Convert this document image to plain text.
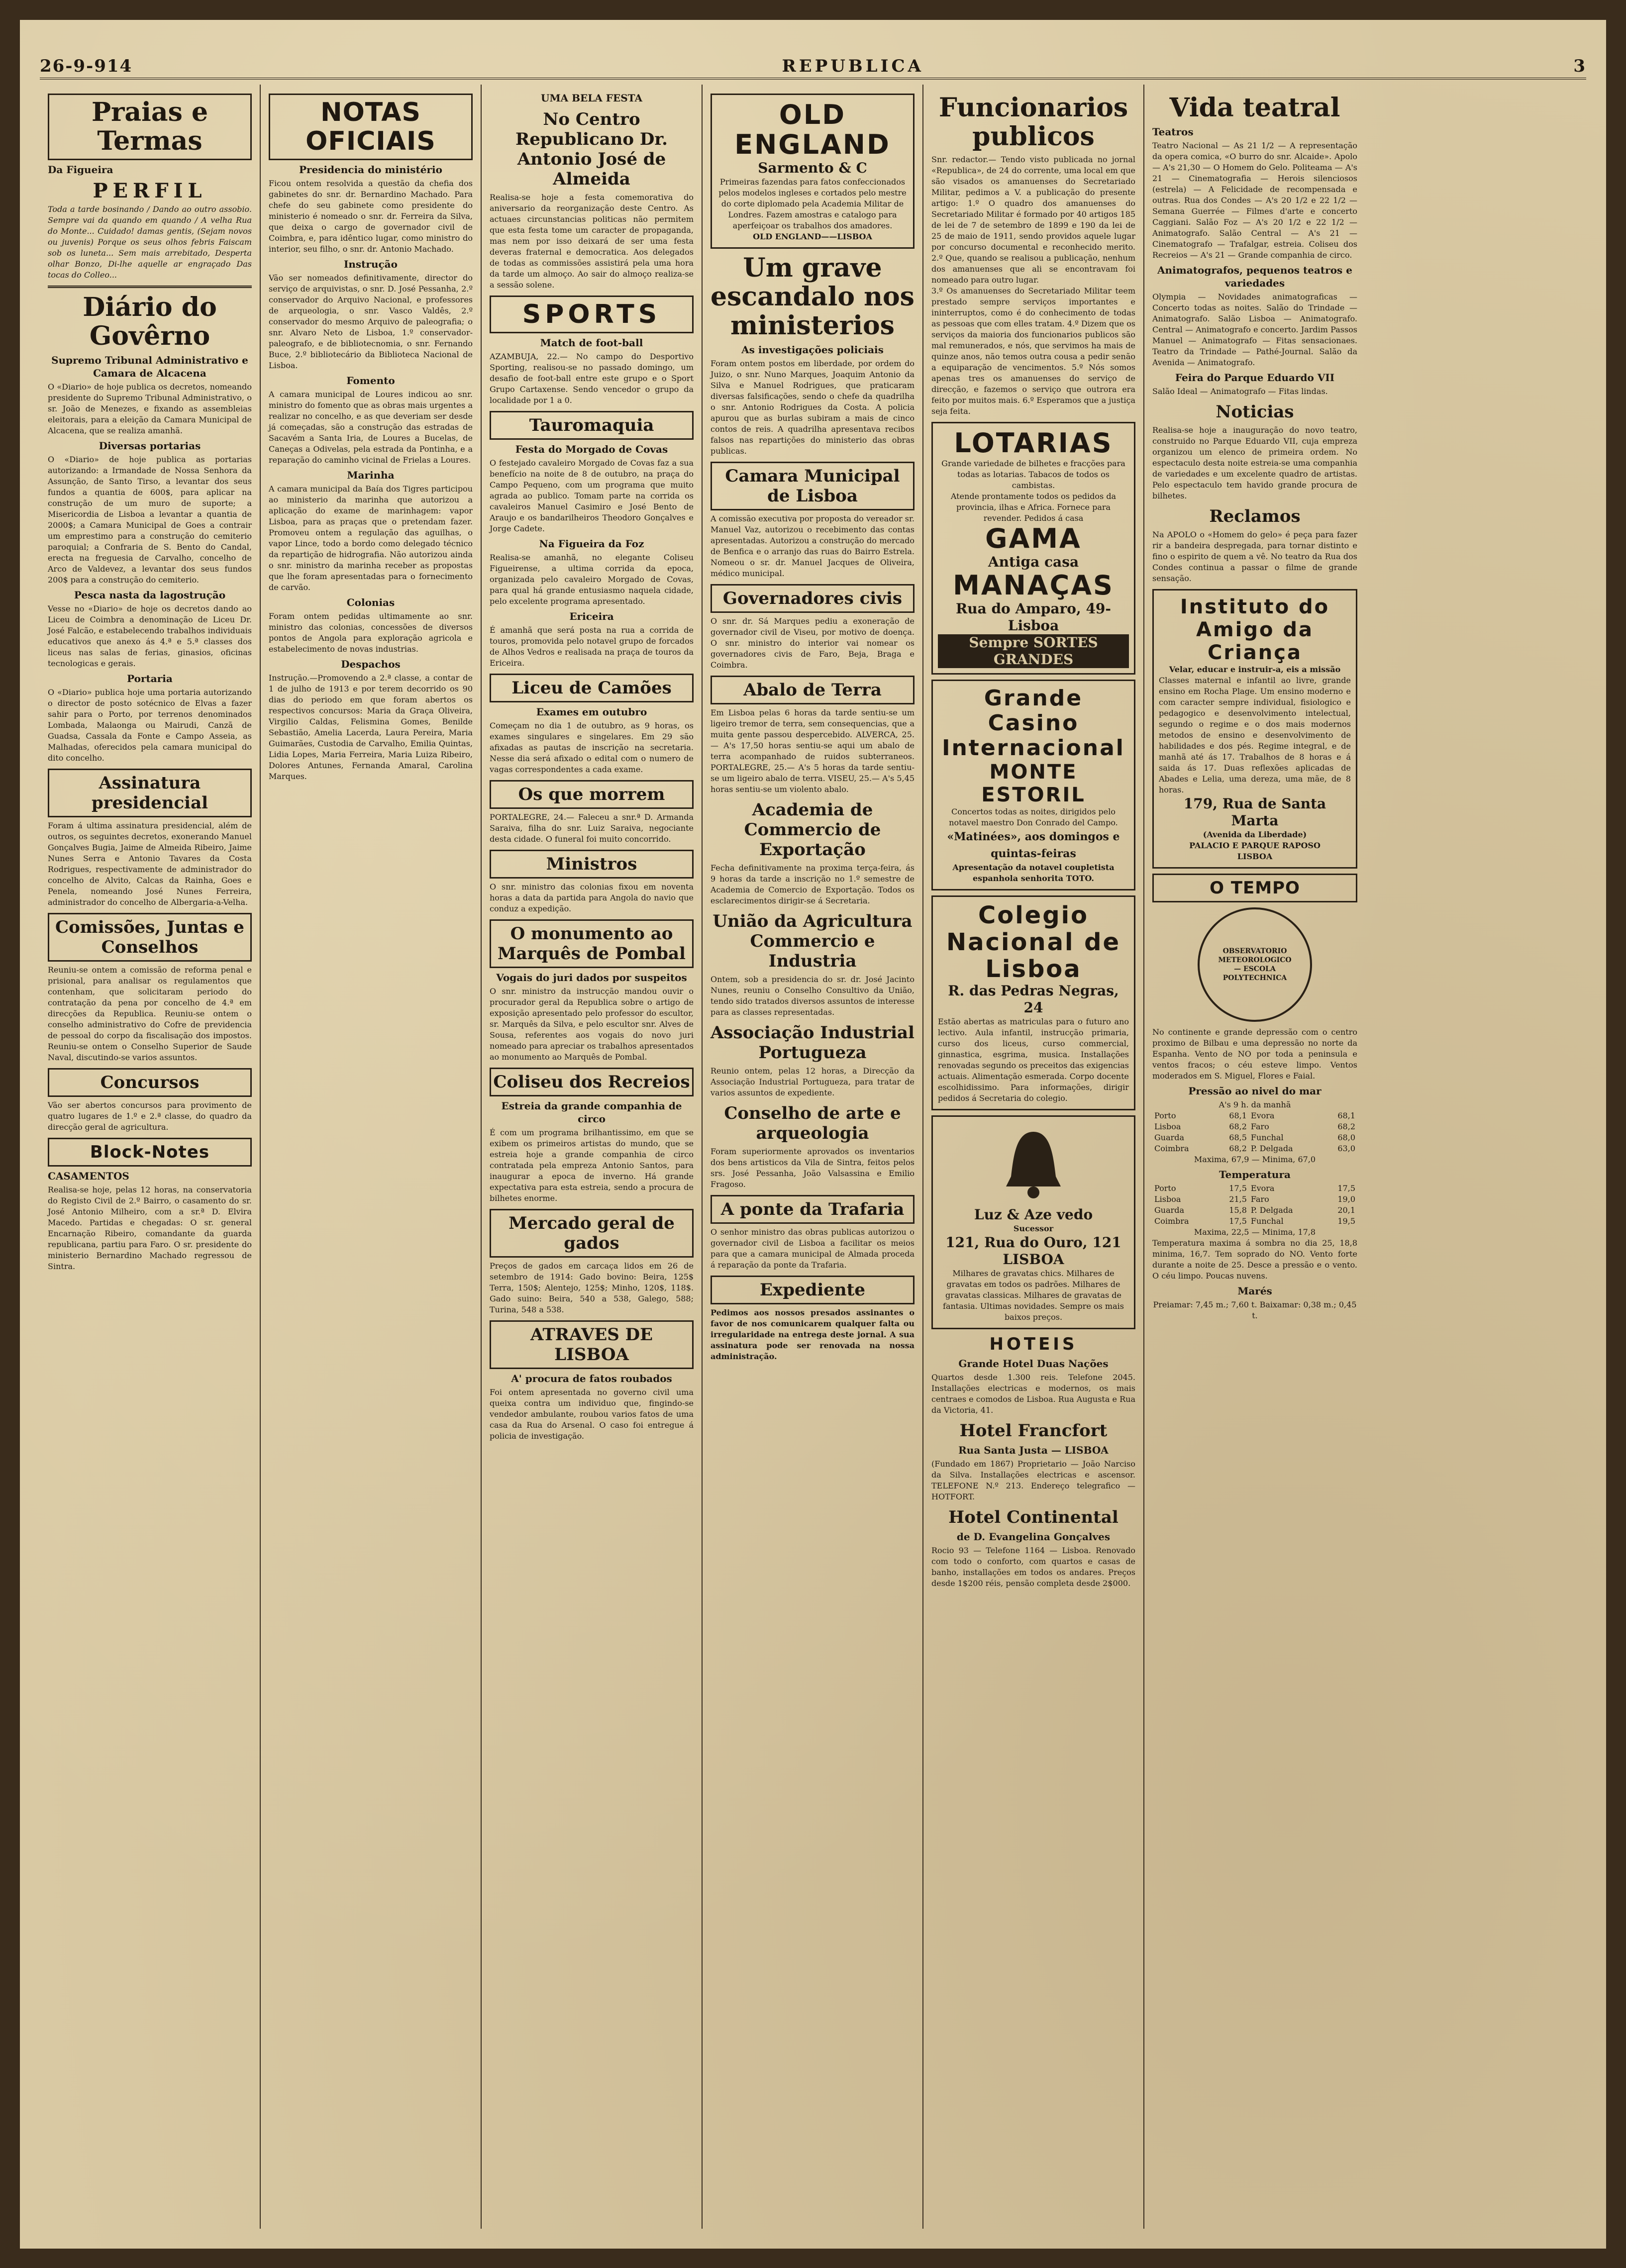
26-9-914	REPUBLICA	3
Praias e Termas
Da Figueira
PERFIL
Toda a tarde bosinando / Dando ao outro assobio. Sempre vai da quando em quando / A velha Rua do Monte... Cuidado! damas gentis, (Sejam novos ou juvenis) Porque os seus olhos febris Faiscam sob os luneta... Sem mais arrebitado, Desperta olhar Bonzo, Di-lhe aquelle ar engraçado Das tocas do Colleo...
Diário do Govêrno
Supremo Tribunal Administrativo e Camara de Alcacena
O «Diario» de hoje publica os decretos, nomeando presidente do Supremo Tribunal Administrativo, o sr. João de Menezes, e fixando as assembleias eleitorais, para a eleição da Camara Municipal de Alcacena, que se realiza amanhã.
Diversas portarias
O «Diario» de hoje publica as portarias autorizando: a Irmandade de Nossa Senhora da Assunção, de Santo Tirso, a levantar dos seus fundos a quantia de 600$, para aplicar na construção de um muro de suporte; a Misericordia de Lisboa a levantar a quantia de 2000$; a Camara Municipal de Goes a contrair um emprestimo para a construção do cemiterio paroquial; a Confraria de S. Bento do Candal, erecta na freguesia de Carvalho, concelho de Arco de Valdevez, a levantar dos seus fundos 200$ para a construção do cemiterio.
Pesca nasta da lagostrução
Vesse no «Diario» de hoje os decretos dando ao Liceu de Coimbra a denominação de Liceu Dr. José Falcão, e estabelecendo trabalhos individuais educativos que anexo ás 4.ª e 5.ª classes dos liceus nas salas de ferias, ginasios, oficinas tecnologicas e gerais.
Portaria
O «Diario» publica hoje uma portaria autorizando o director de posto sotécnico de Elvas a fazer sahir para o Porto, por terrenos denominados Lombada, Malaonga ou Mairudi, Canzã de Guadsa, Cassala da Fonte e Campo Asseia, as Malhadas, oferecidos pela camara municipal do dito concelho.
Assinatura presidencial
Foram á ultima assinatura presidencial, além de outros, os seguintes decretos, exonerando Manuel Gonçalves Bugia, Jaime de Almeida Ribeiro, Jaime Nunes Serra e Antonio Tavares da Costa Rodrigues, respectivamente de administrador do concelho de Alvito, Calcas da Rainha, Goes e Penela, nomeando José Nunes Ferreira, administrador do concelho de Albergaria-a-Velha.
Comissões, Juntas e Conselhos
Reuniu-se ontem a comissão de reforma penal e prisional, para analisar os regulamentos que contenham, que solicitaram periodo do contratação da pena por concelho de 4.ª em direcções da Republica. Reuniu-se ontem o conselho administrativo do Cofre de previdencia de pessoal do corpo da fiscalisação dos impostos. Reuniu-se ontem o Conselho Superior de Saude Naval, discutindo-se varios assuntos.
Concursos
Vão ser abertos concursos para provimento de quatro lugares de 1.º e 2.ª classe, do quadro da direcção geral de agricultura.
Block-Notes
CASAMENTOS
Realisa-se hoje, pelas 12 horas, na conservatoria do Registo Civil de 2.º Bairro, o casamento do sr. José Antonio Milheiro, com a sr.ª D. Elvira Macedo. Partidas e chegadas: O sr. general Encarnação Ribeiro, comandante da guarda republicana, partiu para Faro. O sr. presidente do ministerio Bernardino Machado regressou de Sintra.
NOTAS OFICIAIS
Presidencia do ministério
Ficou ontem resolvida a questão da chefia dos gabinetes do snr. dr. Bernardino Machado. Para chefe do seu gabinete como presidente do ministerio é nomeado o snr. dr. Ferreira da Silva, que deixa o cargo de governador civil de Coimbra, e, para idêntico lugar, como ministro do interior, seu filho, o snr. dr. Antonio Machado.
Instrução
Vão ser nomeados definitivamente, director do serviço de arquivistas, o snr. D. José Pessanha, 2.º conservador do Arquivo Nacional, e professores de arqueologia, o snr. Vasco Valdês, 2.º conservador do mesmo Arquivo de paleografia; o snr. Alvaro Neto de Lisboa, 1.º conservador-paleografo, e de bibliotecnomia, o snr. Fernando Buce, 2.º bibliotecário da Biblioteca Nacional de Lisboa.
Fomento
A camara municipal de Loures indicou ao snr. ministro do fomento que as obras mais urgentes a realizar no concelho, e as que deveriam ser desde já começadas, são a construção das estradas de Sacavém a Santa Iria, de Loures a Bucelas, de Caneças a Odivelas, pela estrada da Pontinha, e a reparação do caminho vicinal de Frielas a Loures.
Marinha
A camara municipal da Baía dos Tigres participou ao ministerio da marinha que autorizou a aplicação do exame de marinhagem: vapor Lisboa, para as praças que o pretendam fazer. Promoveu ontem a regulação das aguilhas, o vapor Lince, todo a bordo como delegado técnico da repartição de hidrografia. Não autorizou ainda o snr. ministro da marinha receber as propostas que lhe foram apresentadas para o fornecimento de carvão.
Colonias
Foram ontem pedidas ultimamente ao snr. ministro das colonias, concessões de diversos pontos de Angola para exploração agricola e estabelecimento de novas industrias.
Despachos
Instrução.—Promovendo a 2.ª classe, a contar de 1 de julho de 1913 e por terem decorrido os 90 dias do periodo em que foram abertos os respectivos concursos: Maria da Graça Oliveira, Virgilio Caldas, Felismina Gomes, Benilde Sebastião, Amelia Lacerda, Laura Pereira, Maria Guimarães, Custodia de Carvalho, Emilia Quintas, Lidia Lopes, Maria Ferreira, Maria Luiza Ribeiro, Dolores Antunes, Fernanda Amaral, Carolina Marques.
UMA BELA FESTA
No Centro Republicano Dr. Antonio José de Almeida
Realisa-se hoje a festa comemorativa do aniversario da reorganização deste Centro. As actuaes circunstancias politicas não permitem que esta festa tome um caracter de propaganda, mas nem por isso deixará de ser uma festa deveras fraternal e democratica. Aos delegados de todas as commissões assistirá pela uma hora da tarde um almoço. Ao sair do almoço realiza-se a sessão solene.
SPORTS
Match de foot-ball
AZAMBUJA, 22.— No campo do Desportivo Sporting, realisou-se no passado domingo, um desafio de foot-ball entre este grupo e o Sport Grupo Cartaxense. Sendo vencedor o grupo da localidade por 1 a 0.
Tauromaquia
Festa do Morgado de Covas
O festejado cavaleiro Morgado de Covas faz a sua benefício na noite de 8 de outubro, na praça do Campo Pequeno, com um programa que muito agrada ao publico. Tomam parte na corrida os cavaleiros Manuel Casimiro e José Bento de Araujo e os bandarilheiros Theodoro Gonçalves e Jorge Cadete.
Na Figueira da Foz
Realisa-se amanhã, no elegante Coliseu Figueirense, a ultima corrida da epoca, organizada pelo cavaleiro Morgado de Covas, para qual há grande entusiasmo naquela cidade, pelo excelente programa apresentado.
Ericeira
É amanhã que será posta na rua a corrida de touros, promovida pelo notavel grupo de forcados de Alhos Vedros e realisada na praça de touros da Ericeira.
Liceu de Camões
Exames em outubro
Começam no dia 1 de outubro, as 9 horas, os exames singulares e singelares. Em 29 são afixadas as pautas de inscrição na secretaria. Nesse dia será afixado o edital com o numero de vagas correspondentes a cada exame.
Os que morrem
PORTALEGRE, 24.— Faleceu a snr.ª D. Armanda Saraiva, filha do snr. Luiz Saraiva, negociante desta cidade. O funeral foi muito concorrido.
Ministros
O snr. ministro das colonias fixou em noventa horas a data da partida para Angola do navio que conduz a expedição.
O monumento ao Marquês de Pombal
Vogais do juri dados por suspeitos
O snr. ministro da instrucção mandou ouvir o procurador geral da Republica sobre o artigo de exposição apresentado pelo professor do escultor, sr. Marquês da Silva, e pelo escultor snr. Alves de Sousa, referentes aos vogais do novo juri nomeado para apreciar os trabalhos apresentados ao monumento ao Marquês de Pombal.
Coliseu dos Recreios
Estreia da grande companhia de circo
É com um programa brilhantissimo, em que se exibem os primeiros artistas do mundo, que se estreia hoje a grande companhia de circo contratada pela empreza Antonio Santos, para inaugurar a epoca de inverno. Há grande expectativa para esta estreia, sendo a procura de bilhetes enorme.
Mercado geral de gados
Preços de gados em carcaça lidos em 26 de setembro de 1914: Gado bovino: Beira, 125$ Terra, 150$; Alentejo, 125$; Minho, 120$, 118$. Gado suino: Beira, 540 a 538, Galego, 588; Turina, 548 a 538.
ATRAVES DE LISBOA
A' procura de fatos roubados
Foi ontem apresentada no governo civil uma queixa contra um individuo que, fingindo-se vendedor ambulante, roubou varios fatos de uma casa da Rua do Arsenal. O caso foi entregue á policia de investigação.
OLD ENGLAND
Sarmento & C
Primeiras fazendas para fatos confeccionados pelos modelos ingleses e cortados pelo mestre do corte diplomado pela Academia Militar de Londres. Fazem amostras e catalogo para aperfeiçoar os trabalhos dos amadores.
OLD ENGLAND——LISBOA
Um grave escandalo nos ministerios
As investigações policiais
Foram ontem postos em liberdade, por ordem do Juizo, o snr. Nuno Marques, Joaquim Antonio da Silva e Manuel Rodrigues, que praticaram diversas falsificações, sendo o chefe da quadrilha o snr. Antonio Rodrigues da Costa. A policia apurou que as burlas subiram a mais de cinco contos de reis. A quadrilha apresentava recibos falsos nas repartições do ministerio das obras publicas.
Camara Municipal de Lisboa
A comissão executiva por proposta do vereador sr. Manuel Vaz, autorizou o recebimento das contas apresentadas. Autorizou a construção do mercado de Benfica e o arranjo das ruas do Bairro Estrela. Nomeou o sr. dr. Manuel Jacques de Oliveira, médico municipal.
Governadores civis
O snr. dr. Sá Marques pediu a exoneração de governador civil de Viseu, por motivo de doença. O snr. ministro do interior vai nomear os governadores civis de Faro, Beja, Braga e Coimbra.
Abalo de Terra
Em Lisboa pelas 6 horas da tarde sentiu-se um ligeiro tremor de terra, sem consequencias, que a muita gente passou despercebido. ALVERCA, 25.— A's 17,50 horas sentiu-se aqui um abalo de terra acompanhado de ruidos subterraneos. PORTALEGRE, 25.— A's 5 horas da tarde sentiu-se um ligeiro abalo de terra. VISEU, 25.— A's 5,45 horas sentiu-se um violento abalo.
Academia de Commercio de Exportação
Fecha definitivamente na proxima terça-feira, ás 9 horas da tarde a inscrição no 1.º semestre de Academia de Comercio de Exportação. Todos os esclarecimentos dirigir-se á Secretaria.
União da Agricultura Commercio e Industria
Ontem, sob a presidencia do sr. dr. José Jacinto Nunes, reuniu o Conselho Consultivo da União, tendo sido tratados diversos assuntos de interesse para as classes representadas.
Associação Industrial Portugueza
Reunio ontem, pelas 12 horas, a Direcção da Associação Industrial Portugueza, para tratar de varios assuntos de expediente.
Conselho de arte e arqueologia
Foram superiormente aprovados os inventarios dos bens artisticos da Vila de Sintra, feitos pelos srs. José Pessanha, João Valsassina e Emilio Fragoso.
A ponte da Trafaria
O senhor ministro das obras publicas autorizou o governador civil de Lisboa a facilitar os meios para que a camara municipal de Almada proceda á reparação da ponte da Trafaria.
Expediente
Pedimos aos nossos presados assinantes o favor de nos comunicarem qualquer falta ou irregularidade na entrega deste jornal. A sua assinatura pode ser renovada na nossa administração.
Funcionarios publicos
Snr. redactor.— Tendo visto publicada no jornal «Republica», de 24 do corrente, uma local em que são visados os amanuenses do Secretariado Militar, pedimos a V. a publicação do presente artigo: 1.º O quadro dos amanuenses do Secretariado Militar é formado por 40 artigos 185 de lei de 7 de setembro de 1899 e 190 da lei de 25 de maio de 1911, sendo providos aquele lugar por concurso documental e reconhecido merito. 2.º Que, quando se realisou a publicação, nenhum dos amanuenses que ali se encontravam foi nomeado para outro lugar.
3.º Os amanuenses do Secretariado Militar teem prestado sempre serviços importantes e ininterruptos, como é do conhecimento de todas as pessoas que com elles tratam. 4.º Dizem que os serviços da maioria dos funcionarios publicos são mal remunerados, e nós, que servimos ha mais de quinze anos, não temos outra cousa a pedir senão a equiparação de vencimentos. 5.º Nós somos apenas tres os amanuenses do serviço de direcção, e fazemos o serviço que outrora era feito por muitos mais. 6.º Esperamos que a justiça seja feita.
LOTARIAS
Grande variedade de bilhetes e fracções para todas as lotarias. Tabacos de todos os cambistas.
Atende prontamente todos os pedidos da provincia, ilhas e Africa. Fornece para revender. Pedidos á casa
GAMA
Antiga casa
MANAÇAS
Rua do Amparo, 49-Lisboa
Sempre SORTES GRANDES
Grande Casino Internacional
MONTE ESTORIL
Concertos todas as noites, dirigidos pelo notavel maestro Don Conrado del Campo.
«Matinées», aos domingos e quintas-feiras
Apresentação da notavel coupletista espanhola senhorita TOTO.
Colegio Nacional de Lisboa
R. das Pedras Negras, 24
Estão abertas as matriculas para o futuro ano lectivo. Aula infantil, instrucção primaria, curso dos liceus, curso commercial, ginnastica, esgrima, musica. Installações renovadas segundo os preceitos das exigencias actuais. Alimentação esmerada. Corpo docente escolhidissimo. Para informações, dirigir pedidos á Secretaria do colegio.
Luz & Aze vedo
Sucessor
121, Rua do Ouro, 121
LISBOA
Milhares de gravatas chics. Milhares de gravatas em todos os padrões. Milhares de gravatas classicas. Milhares de gravatas de fantasia. Ultimas novidades. Sempre os mais baixos preços.
HOTEIS
Grande Hotel Duas Nações
Quartos desde 1.300 reis. Telefone 2045. Installações electricas e modernos, os mais centraes e comodos de Lisboa. Rua Augusta e Rua da Victoria, 41.
Hotel Francfort
Rua Santa Justa — LISBOA
(Fundado em 1867) Proprietario — João Narciso da Silva. Installações electricas e ascensor. TELEFONE N.º 213. Endereço telegrafico — HOTFORT.
Hotel Continental
de D. Evangelina Gonçalves
Rocio 93 — Telefone 1164 — Lisboa. Renovado com todo o conforto, com quartos e casas de banho, installações em todos os andares. Preços desde 1$200 réis, pensão completa desde 2$000.
Vida teatral
Teatros
Teatro Nacional — As 21 1/2 — A representação da opera comica, «O burro do snr. Alcaide». Apolo — A's 21,30 — O Homem do Gelo. Politeama — A's 21 — Cinematografia — Herois silenciosos (estrela) — A Felicidade de recompensada e outras. Rua dos Condes — A's 20 1/2 e 22 1/2 — Semana Guerrée — Filmes d'arte e concerto Caggiani. Salão Foz — A's 20 1/2 e 22 1/2 — Animatografo. Salão Central — A's 21 — Cinematografo — Trafalgar, estreia. Coliseu dos Recreios — A's 21 — Grande companhia de circo.
Animatografos, pequenos teatros e variedades
Olympia — Novidades animatograficas — Concerto todas as noites. Salão do Trindade — Animatografo. Salão Lisboa — Animatografo. Central — Animatografo e concerto. Jardim Passos Manuel — Animatografo — Fitas sensacionaes. Teatro da Trindade — Pathé-Journal. Salão da Avenida — Animatografo.
Feira do Parque Eduardo VII
Salão Ideal — Animatografo — Fitas lindas.
Noticias
Realisa-se hoje a inauguração do novo teatro, construido no Parque Eduardo VII, cuja empreza organizou um elenco de primeira ordem. No espectaculo desta noite estreia-se uma companhia de variedades e um excelente quadro de artistas. Pelo espectaculo tem havido grande procura de bilhetes.
Reclamos
Na APOLO o «Homem do gelo» é peça para fazer rir a bandeira despregada, para tornar distinto e fino o espirito de quem a vê. No teatro da Rua dos Condes continua a passar o filme de grande sensação.
Instituto do Amigo da Criança
Velar, educar e instruir-a, eis a missão
Classes maternal e infantil ao livre, grande ensino em Rocha Plage. Um ensino moderno e com caracter sempre individual, fisiologico e pedagogico e desenvolvimento intelectual, segundo o regime e o dos mais modernos metodos de ensino e desenvolvimento de habilidades e dos pés. Regime integral, e de manhã até ás 17. Trabalhos de 8 horas e á saida ás 17. Duas reflexões aplicadas de Abades e Lelia, uma dereza, uma mãe, de 8 horas.
179, Rua de Santa Marta
(Avenida da Liberdade)
PALACIO E PARQUE RAPOSO
LISBOA
O TEMPO
OBSERVATORIO METEOROLOGICO — ESCOLA POLYTECHNICA
No continente e grande depressão com o centro proximo de Bilbau e uma depressão no norte da Espanha. Vento de NO por toda a peninsula e ventos fracos; o céu esteve limpo. Ventos moderados em S. Miguel, Flores e Faial.
Pressão ao nivel do mar
A's 9 h. da manhã
Porto	68,1	Evora	68,1
Lisboa	68,2	Faro	68,2
Guarda	68,5	Funchal	68,0
Coimbra	68,2	P. Delgada	63,0
Maxima, 67,9 — Minima, 67,0
Temperatura
Porto	17,5	Evora	17,5
Lisboa	21,5	Faro	19,0
Guarda	15,8	P. Delgada	20,1
Coimbra	17,5	Funchal	19,5
Maxima, 22,5 — Minima, 17,8
Temperatura maxima á sombra no dia 25, 18,8 minima, 16,7. Tem soprado do NO. Vento forte durante a noite de 25. Desce a pressão e o vento. O céu limpo. Poucas nuvens.
Marés
Preiamar: 7,45 m.; 7,60 t. Baixamar: 0,38 m.; 0,45 t.
